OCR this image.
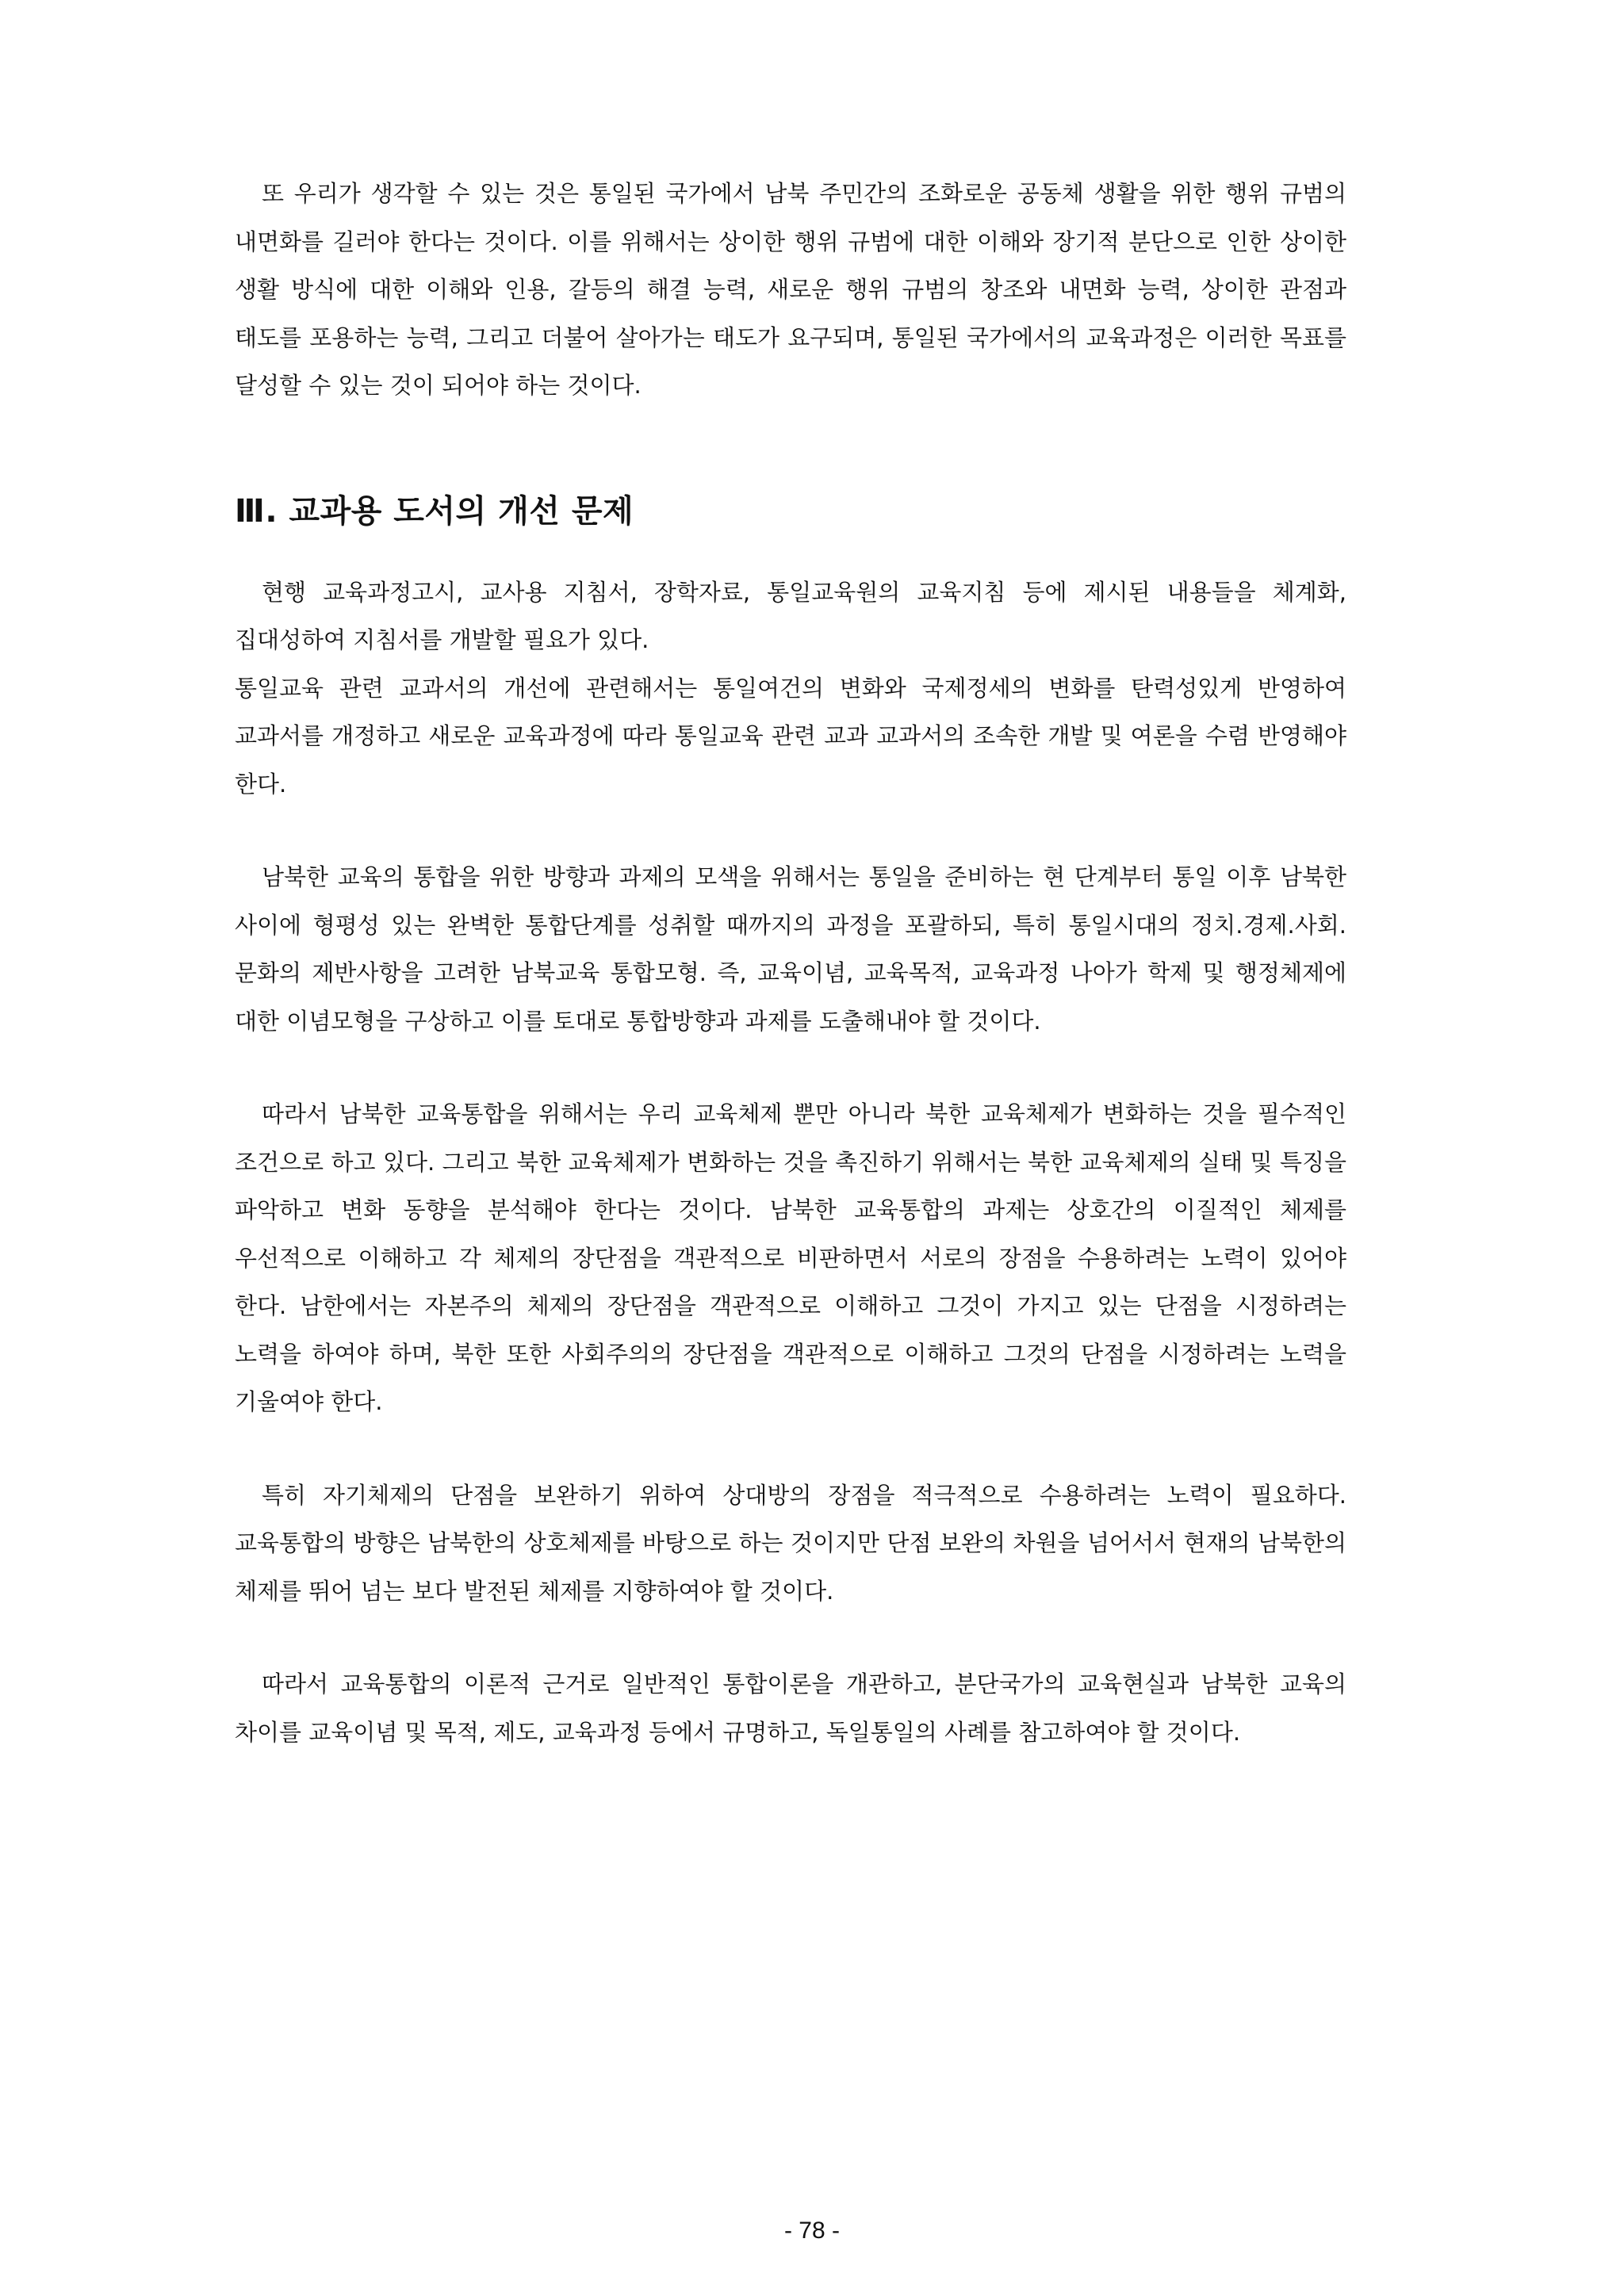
또 우리가 생각할 수 있는 것은 통일된 국가에서 남북 주민간의 조화로운 공동체 생활을 위한 행위 규범의 내면화를 길러야 한다는 것이다. 이를 위해서는 상이한 행위 규범에 대한 이해와 장기적 분단으로 인한 상이한 생활 방식에 대한 이해와 인용, 갈등의 해결 능력, 새로운 행위 규범의 창조와 내면화 능력, 상이한 관점과 태도를 포용하는 능력, 그리고 더불어 살아가는 태도가 요구되며, 통일된 국가에서의 교육과정은 이러한 목표를 달성할 수 있는 것이 되어야 하는 것이다.

Ⅲ. 교과용 도서의 개선 문제

현행 교육과정고시, 교사용 지침서, 장학자료, 통일교육원의 교육지침 등에 제시된 내용들을 체계화, 집대성하여 지침서를 개발할 필요가 있다.

통일교육 관련 교과서의 개선에 관련해서는 통일여건의 변화와 국제정세의 변화를 탄력성있게 반영하여 교과서를 개정하고 새로운 교육과정에 따라 통일교육 관련 교과 교과서의 조속한 개발 및 여론을 수렴 반영해야 한다.

남북한 교육의 통합을 위한 방향과 과제의 모색을 위해서는 통일을 준비하는 현 단계부터 통일 이후 남북한 사이에 형평성 있는 완벽한 통합단계를 성취할 때까지의 과정을 포괄하되, 특히 통일시대의 정치.경제.사회.문화의 제반사항을 고려한 남북교육 통합모형. 즉, 교육이념, 교육목적, 교육과정 나아가 학제 및 행정체제에 대한 이념모형을 구상하고 이를 토대로 통합방향과 과제를 도출해내야 할 것이다.

따라서 남북한 교육통합을 위해서는 우리 교육체제 뿐만 아니라 북한 교육체제가 변화하는 것을 필수적인 조건으로 하고 있다. 그리고 북한 교육체제가 변화하는 것을 촉진하기 위해서는 북한 교육체제의 실태 및 특징을 파악하고 변화 동향을 분석해야 한다는 것이다. 남북한 교육통합의 과제는 상호간의 이질적인 체제를 우선적으로 이해하고 각 체제의 장단점을 객관적으로 비판하면서 서로의 장점을 수용하려는 노력이 있어야 한다. 남한에서는 자본주의 체제의 장단점을 객관적으로 이해하고 그것이 가지고 있는 단점을 시정하려는 노력을 하여야 하며, 북한 또한 사회주의의 장단점을 객관적으로 이해하고 그것의 단점을 시정하려는 노력을 기울여야 한다.

특히 자기체제의 단점을 보완하기 위하여 상대방의 장점을 적극적으로 수용하려는 노력이 필요하다. 교육통합의 방향은 남북한의 상호체제를 바탕으로 하는 것이지만 단점 보완의 차원을 넘어서서 현재의 남북한의 체제를 뛰어 넘는 보다 발전된 체제를 지향하여야 할 것이다.

따라서 교육통합의 이론적 근거로 일반적인 통합이론을 개관하고, 분단국가의 교육현실과 남북한 교육의 차이를 교육이념 및 목적, 제도, 교육과정 등에서 규명하고, 독일통일의 사례를 참고하여야 할 것이다.

- 78 -
